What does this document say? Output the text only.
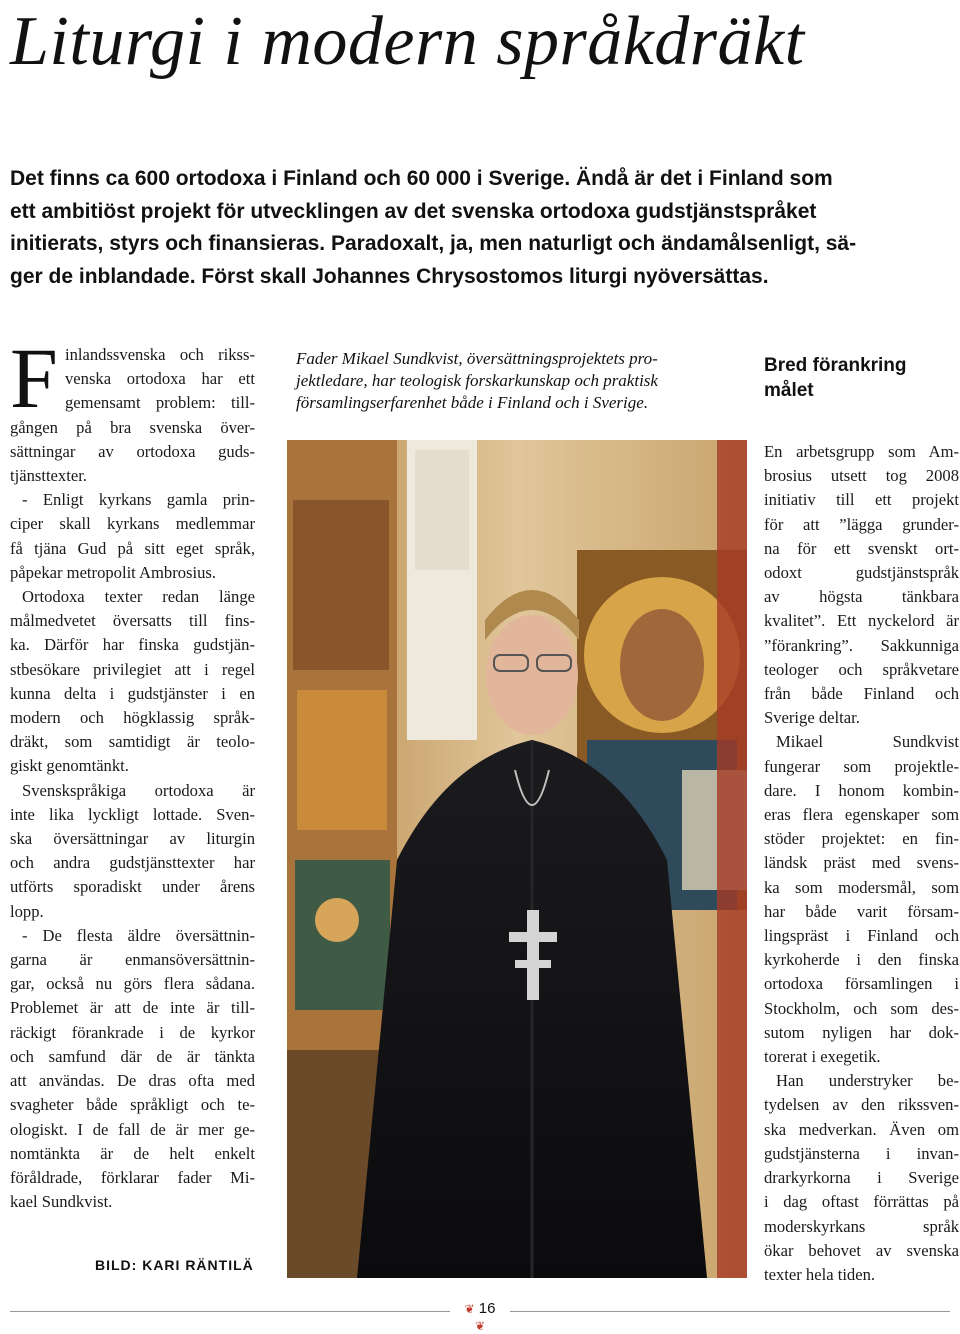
Liturgi i modern språkdräkt

Det finns ca 600 ortodoxa i Finland och 60 000 i Sverige. Ändå är det i Finland som

ett ambitiöst projekt för utvecklingen av det svenska ortodoxa gudstjänstspråket

initierats, styrs och finansieras. Paradoxalt, ja, men naturligt och ändamålsenligt, sä-

ger de inblandade. Först skall Johannes Chrysostomos liturgi nyöversättas.

F inlandssvenska och rikss-

venska ortodoxa har ett

gemensamt problem: till-

gången på bra svenska över-

sättningar av ortodoxa guds-

tjänsttexter.

- Enligt kyrkans gamla prin-

ciper skall kyrkans medlemmar

få tjäna Gud på sitt eget språk,

påpekar metropolit Ambrosius.

Ortodoxa texter redan länge

målmedvetet översatts till fins-

ka. Därför har finska gudstjän-

stbesökare privilegiet att i regel

kunna delta i gudstjänster i en

modern och högklassig språk-

dräkt, som samtidigt är teolo-

giskt genomtänkt.

Svenskspråkiga ortodoxa är

inte lika lyckligt lottade. Sven-

ska översättningar av liturgin

och andra gudstjänsttexter har

utförts sporadiskt under årens

lopp.

- De flesta äldre översättnin-

garna är enmansöversättnin-

gar, också nu görs flera sådana.

Problemet är att de inte är till-

räckigt förankrade i de kyrkor

och samfund där de är tänkta

att användas. De dras ofta med

svagheter både språkligt och te-

ologiskt. I de fall de är mer ge-

nomtänkta är de helt enkelt

föråldrade, förklarar fader Mi-

kael Sundkvist.

Fader Mikael Sundkvist, översättningsprojektets pro-

jektledare, har teologisk forskarkunskap och praktisk

församlingserfarenhet både i Finland och i Sverige.

BILD: KARI RÄNTILÄ

Bred förankring
målet

En arbetsgrupp som Am-

brosius utsett tog 2008

initiativ till ett projekt

för att ”lägga grunder-

na för ett svenskt ort-

odoxt gudstjänstspråk

av högsta tänkbara

kvalitet”. Ett nyckelord är

”förankring”. Sakkunniga

teologer och språkvetare

från både Finland och

Sverige deltar.

Mikael Sundkvist

fungerar som projektle-

dare. I honom kombin-

eras flera egenskaper som

stöder projektet: en fin-

ländsk präst med svens-

ka som modersmål, som

har både varit försam-

lingspräst i Finland och

kyrkoherde i den finska

ortodoxa församlingen i

Stockholm, och som des-

sutom nyligen har dok-

torerat i exegetik.

Han understryker be-

tydelsen av den rikssven-

ska medverkan. Även om

gudstjänsterna i invan-

drarkyrkorna i Sverige

i dag oftast förrättas på

moderskyrkans språk

ökar behovet av svenska

texter hela tiden.

❦ 16 ❦
